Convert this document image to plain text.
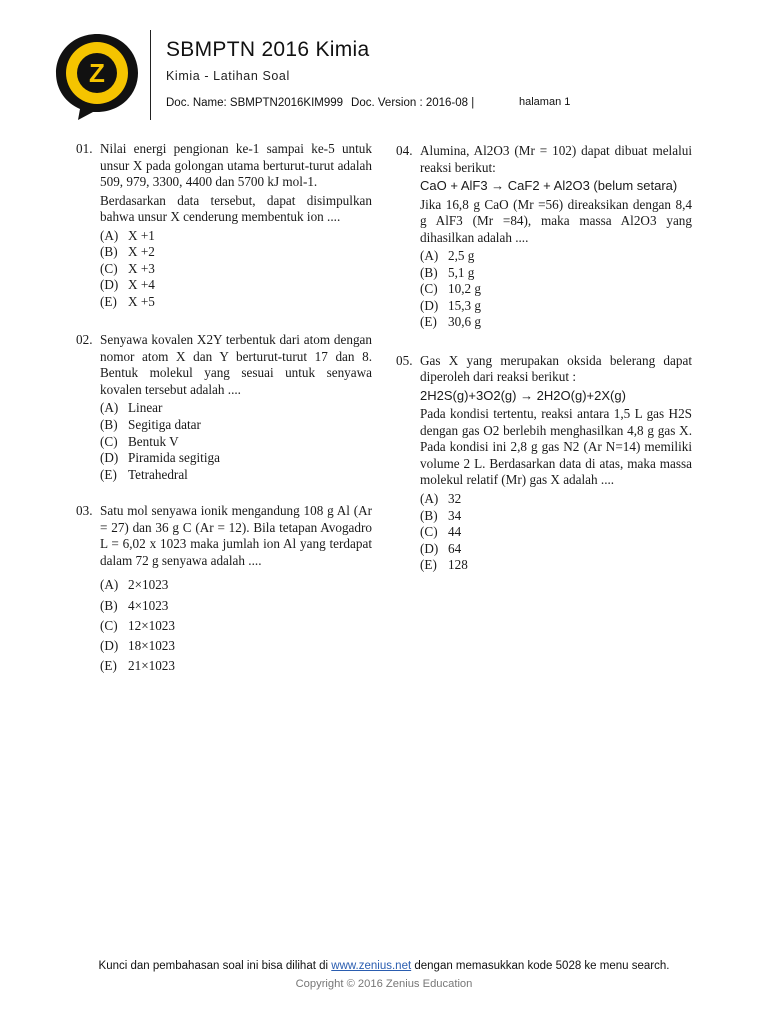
Z
SBMPTN 2016 Kimia
Kimia - Latihan Soal
Doc. Name: SBMPTN2016KIM999 Doc. Version : 2016-08 |	halaman 1
01. Nilai energi pengionan ke-1 sampai ke-5 untuk unsur X pada golongan utama berturut-turut adalah 509, 979, 3300, 4400 dan 5700 kJ mol-1.
Berdasarkan data tersebut, dapat disimpulkan bahwa unsur X cenderung membentuk ion ....
(A) X +1
(B) X +2
(C) X +3
(D) X +4
(E) X +5
02. Senyawa kovalen X2Y terbentuk dari atom dengan nomor atom X dan Y berturut-turut 17 dan 8. Bentuk molekul yang sesuai untuk senyawa kovalen tersebut adalah ....
(A) Linear
(B) Segitiga datar
(C) Bentuk V
(D) Piramida segitiga
(E) Tetrahedral
03. Satu mol senyawa ionik mengandung 108 g Al (Ar = 27) dan 36 g C (Ar = 12). Bila tetapan Avogadro L = 6,02 x 1023 maka jumlah ion Al yang terdapat dalam 72 g senyawa adalah ....
(A) 2×1023
(B) 4×1023
(C) 12×1023
(D) 18×1023
(E) 21×1023
04. Alumina, Al2O3 (Mr = 102) dapat dibuat melalui reaksi berikut:
CaO + AlF3 → CaF2 + Al2O3 (belum setara)
Jika 16,8 g CaO (Mr =56) direaksikan dengan 8,4 g AlF3 (Mr =84), maka massa Al2O3 yang dihasilkan adalah ....
(A) 2,5 g
(B) 5,1 g
(C) 10,2 g
(D) 15,3 g
(E) 30,6 g
05. Gas X yang merupakan oksida belerang dapat diperoleh dari reaksi berikut :
2H2S(g)+3O2(g) → 2H2O(g)+2X(g)
Pada kondisi tertentu, reaksi antara 1,5 L gas H2S dengan gas O2 berlebih menghasilkan 4,8 g gas X. Pada kondisi ini 2,8 g gas N2 (Ar N=14) memiliki volume 2 L. Berdasarkan data di atas, maka massa molekul relatif (Mr) gas X adalah ....
(A) 32
(B) 34
(C) 44
(D) 64
(E) 128
Kunci dan pembahasan soal ini bisa dilihat di www.zenius.net dengan memasukkan kode 5028 ke menu search.
Copyright © 2016 Zenius Education
